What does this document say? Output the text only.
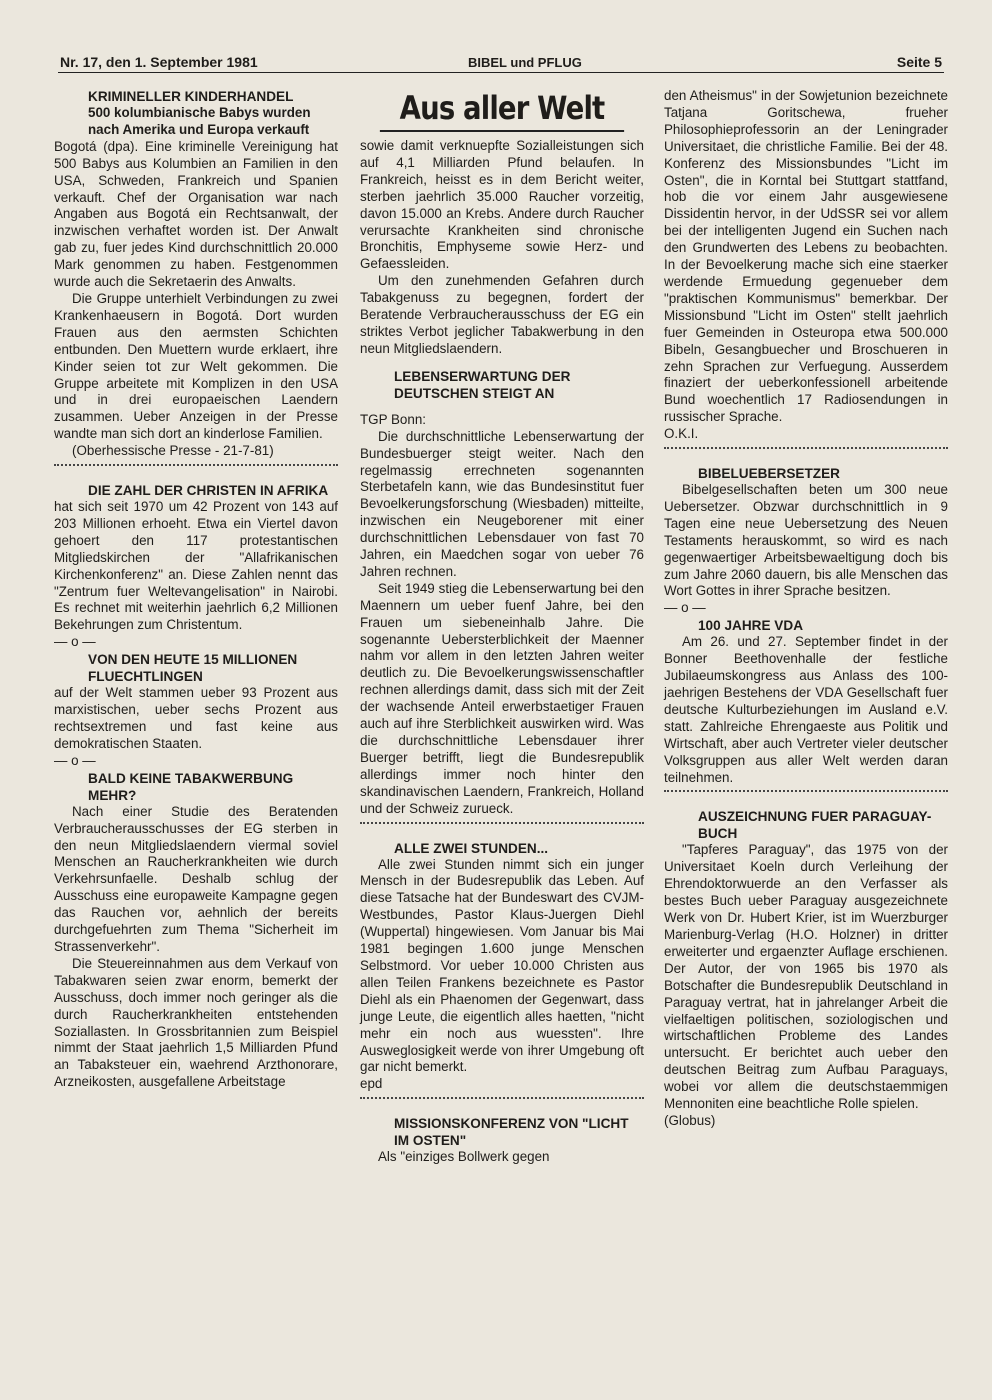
Nr. 17, den 1. September 1981	BIBEL und PFLUG	Seite 5
KRIMINELLER KINDERHANDEL
500 kolumbianische Babys wurden nach Amerika und Europa verkauft

Bogotá (dpa). Eine kriminelle Vereinigung hat 500 Babys aus Kolumbien an Familien in den USA, Schweden, Frankreich und Spanien verkauft. Chef der Organisation war nach Angaben aus Bogotá ein Rechtsanwalt, der inzwischen verhaftet worden ist. Der Anwalt gab zu, fuer jedes Kind durchschnittlich 20.000 Mark genommen zu haben. Festgenommen wurde auch die Sekretaerin des Anwalts.

Die Gruppe unterhielt Verbindungen zu zwei Krankenhaeusern in Bogotá. Dort wurden Frauen aus den aermsten Schichten entbunden. Den Muettern wurde erklaert, ihre Kinder seien tot zur Welt gekommen. Die Gruppe arbeitete mit Komplizen in den USA und in drei europaeischen Laendern zusammen. Ueber Anzeigen in der Presse wandte man sich dort an kinderlose Familien.

(Oberhessische Presse - 21-7-81)

DIE ZAHL DER CHRISTEN IN AFRIKA

hat sich seit 1970 um 42 Prozent von 143 auf 203 Millionen erhoeht. Etwa ein Viertel davon gehoert den 117 protestantischen Mitgliedskirchen der "Allafrikanischen Kirchenkonferenz" an. Diese Zahlen nennt das "Zentrum fuer Weltevangelisation" in Nairobi. Es rechnet mit weiterhin jaehrlich 6,2 Millionen Bekehrungen zum Christentum.

— o —

VON DEN HEUTE 15 MILLIONEN FLUECHTLINGEN

auf der Welt stammen ueber 93 Prozent aus marxistischen, ueber sechs Prozent aus rechtsextremen und fast keine aus demokratischen Staaten.

— o —

BALD KEINE TABAKWERBUNG MEHR?

Nach einer Studie des Beratenden Verbraucherausschusses der EG sterben in den neun Mitgliedslaendern viermal soviel Menschen an Raucherkrankheiten wie durch Verkehrsunfaelle. Deshalb schlug der Ausschuss eine europaweite Kampagne gegen das Rauchen vor, aehnlich der bereits durchgefuehrten zum Thema "Sicherheit im Strassenverkehr".

Die Steuereinnahmen aus dem Verkauf von Tabakwaren seien zwar enorm, bemerkt der Ausschuss, doch immer noch geringer als die durch Raucherkrankheiten entstehenden Soziallasten. In Grossbritannien zum Beispiel nimmt der Staat jaehrlich 1,5 Milliarden Pfund an Tabaksteuer ein, waehrend Arzthonorare, Arzneikosten, ausgefallene Arbeitstage

Aus aller Welt

sowie damit verknuepfte Sozialleistungen sich auf 4,1 Milliarden Pfund belaufen. In Frankreich, heisst es in dem Bericht weiter, sterben jaehrlich 35.000 Raucher vorzeitig, davon 15.000 an Krebs. Andere durch Raucher verursachte Krankheiten sind chronische Bronchitis, Emphyseme sowie Herz- und Gefaessleiden.

Um den zunehmenden Gefahren durch Tabakgenuss zu begegnen, fordert der Beratende Verbraucherausschuss der EG ein striktes Verbot jeglicher Tabakwerbung in den neun Mitgliedslaendern.

LEBENSERWARTUNG DER DEUTSCHEN STEIGT AN

TGP Bonn:

Die durchschnittliche Lebenserwartung der Bundesbuerger steigt weiter. Nach den regelmassig errechneten sogenannten Sterbetafeln kann, wie das Bundesinstitut fuer Bevoelkerungsforschung (Wiesbaden) mitteilte, inzwischen ein Neugeborener mit einer durchschnittlichen Lebensdauer von fast 70 Jahren, ein Maedchen sogar von ueber 76 Jahren rechnen.

Seit 1949 stieg die Lebenserwartung bei den Maennern um ueber fuenf Jahre, bei den Frauen um siebeneinhalb Jahre. Die sogenannte Uebersterblichkeit der Maenner nahm vor allem in den letzten Jahren weiter deutlich zu. Die Bevoelkerungswissenschaftler rechnen allerdings damit, dass sich mit der Zeit der wachsende Anteil erwerbstaetiger Frauen auch auf ihre Sterblichkeit auswirken wird. Was die durchschnittliche Lebensdauer ihrer Buerger betrifft, liegt die Bundesrepublik allerdings immer noch hinter den skandinavischen Laendern, Frankreich, Holland und der Schweiz zurueck.

ALLE ZWEI STUNDEN...

Alle zwei Stunden nimmt sich ein junger Mensch in der Budesrepublik das Leben. Auf diese Tatsache hat der Bundeswart des CVJM-Westbundes, Pastor Klaus-Juergen Diehl (Wuppertal) hingewiesen. Vom Januar bis Mai 1981 begingen 1.600 junge Menschen Selbstmord. Vor ueber 10.000 Christen aus allen Teilen Frankens bezeichnete es Pastor Diehl als ein Phaenomen der Gegenwart, dass junge Leute, die eigentlich alles haetten, "nicht mehr ein noch aus wuessten". Ihre Ausweglosigkeit werde von ihrer Umgebung oft gar nicht bemerkt.

epd

MISSIONSKONFERENZ VON "LICHT IM OSTEN"

Als "einziges Bollwerk gegen

den Atheismus" in der Sowjetunion bezeichnete Tatjana Goritschewa, frueher Philosophieprofessorin an der Leningrader Universitaet, die christliche Familie. Bei der 48. Konferenz des Missionsbundes "Licht im Osten", die in Korntal bei Stuttgart stattfand, hob die vor einem Jahr ausgewiesene Dissidentin hervor, in der UdSSR sei vor allem bei der intelligenten Jugend ein Suchen nach den Grundwerten des Lebens zu beobachten. In der Bevoelkerung mache sich eine staerker werdende Ermuedung gegenueber dem "praktischen Kommunismus" bemerkbar. Der Missionsbund "Licht im Osten" stellt jaehrlich fuer Gemeinden in Osteuropa etwa 500.000 Bibeln, Gesangbuecher und Broschueren in zehn Sprachen zur Verfuegung. Ausserdem finaziert der ueberkonfessionell arbeitende Bund woechentlich 17 Radiosendungen in russischer Sprache.

O.K.I.

BIBELUEBERSETZER

Bibelgesellschaften beten um 300 neue Uebersetzer. Obzwar durchschnittlich in 9 Tagen eine neue Uebersetzung des Neuen Testaments herauskommt, so wird es nach gegenwaertiger Arbeitsbewaeltigung doch bis zum Jahre 2060 dauern, bis alle Menschen das Wort Gottes in ihrer Sprache besitzen.

— o —

100 JAHRE VDA

Am 26. und 27. September findet in der Bonner Beethovenhalle der festliche Jubilaeumskongress aus Anlass des 100-jaehrigen Bestehens der VDA Gesellschaft fuer deutsche Kulturbeziehungen im Ausland e.V. statt. Zahlreiche Ehrengaeste aus Politik und Wirtschaft, aber auch Vertreter vieler deutscher Volksgruppen aus aller Welt werden daran teilnehmen.

AUSZEICHNUNG FUER PARAGUAY-BUCH

"Tapferes Paraguay", das 1975 von der Universitaet Koeln durch Verleihung der Ehrendoktorwuerde an den Verfasser als bestes Buch ueber Paraguay ausgezeichnete Werk von Dr. Hubert Krier, ist im Wuerzburger Marienburg-Verlag (H.O. Holzner) in dritter erweiterter und ergaenzter Auflage erschienen. Der Autor, der von 1965 bis 1970 als Botschafter die Bundesrepublik Deutschland in Paraguay vertrat, hat in jahrelanger Arbeit die vielfaeltigen politischen, soziologischen und wirtschaftlichen Probleme des Landes untersucht. Er berichtet auch ueber den deutschen Beitrag zum Aufbau Paraguays, wobei vor allem die deutschstaemmigen Mennoniten eine beachtliche Rolle spielen.

(Globus)
